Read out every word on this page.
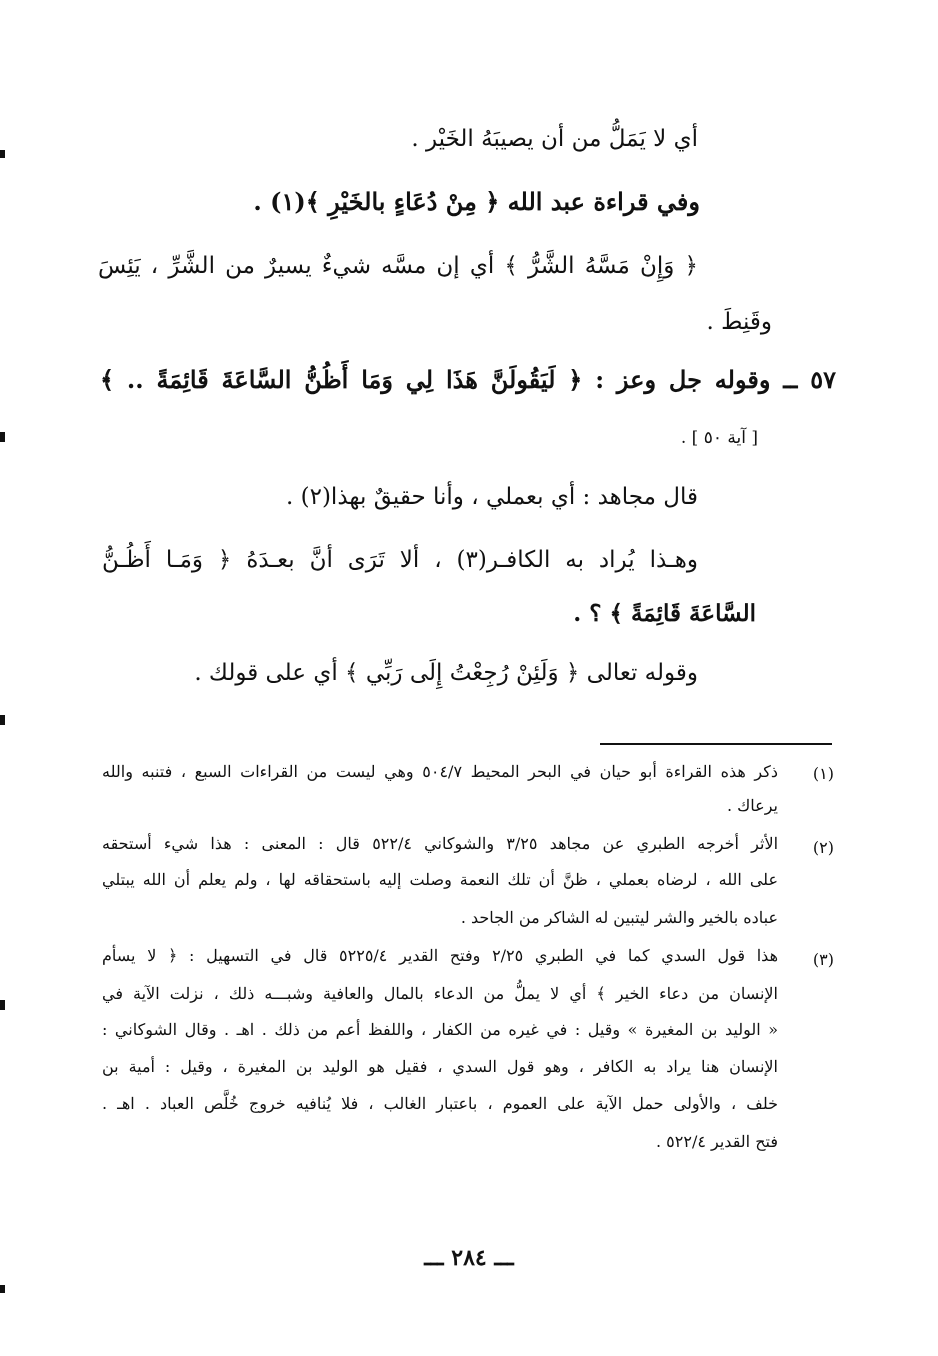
أي لا يَمَلُّ من أن يصيبَهُ الخَيْر .
وفي قراءة عبد الله ﴿ مِنْ دُعَاءٍ بالخَيْرِ ﴾(١) .
﴿ وَإِنْ مَسَّهُ الشَّرُّ ﴾ أي إن مسَّه شيءٌ يسيرٌ من الشَّرِّ ، يَئِسَ
وقَنِطَ .
٥٧ ــ وقوله جل وعز : ﴿ لَيَقُولَنَّ هَذَا لِي وَمَا أَظُنُّ السَّاعَةَ قَائِمَةً .. ﴾
[ آية ٥٠ ] .
قال مجاهد : أي بعملي ، وأنا حقيقٌ بهذا(٢) .
وهـذا يُراد به الكافـر(٣) ، ألا تَرَى أنَّ بعـدَهُ ﴿ وَمَـا أَظُـنُّ
السَّاعَةَ قَائِمَةً ﴾ ؟ .
وقوله تعالى ﴿ وَلَئِنْ رُجِعْتُ إِلَى رَبِّي ﴾ أي على قولك .
(١)
ذكر هذه القراءة أبو حيان في البحر المحيط ٥٠٤/٧ وهي ليست من القراءات السبع ، فتنبه والله
يرعاك .
(٢)
الأثر أخرجه الطبري عن مجاهد ٣/٢٥ والشوكاني ٥٢٢/٤ قال : المعنى : هذا شيء أستحقه
على الله ، لرضاه بعملي ، ظنَّ أن تلك النعمة وصلت إليه باستحقاقه لها ، ولم يعلم أن الله يبتلي
عباده بالخير والشر ليتبين له الشاكر من الجاحد .
(٣)
هذا قول السدي كما في الطبري ٢/٢٥ وفتح القدير ٥٢٢٥/٤ قال في التسهيل : ﴿ لا يسأم
الإنسان من دعاء الخير ﴾ أي لا يملُّ من الدعاء بالمال والعافية وشبـــه ذلك ، نزلت الآية في
« الوليد بن المغيرة » وقيل : في غيره من الكفار ، واللفظ أعم من ذلك . اهـ . وقال الشوكاني :
الإنسان هنا يراد به الكافر ، وهو قول السدي ، فقيل هو الوليد بن المغيرة ، وقيل : أمية بن
خلف ، والأولى حمل الآية على العموم ، باعتبار الغالب ، فلا يُنافيه خروج خُلَّص العباد . اهـ .
فتح القدير ٥٢٢/٤ .
ـــ ٢٨٤ ـــ
